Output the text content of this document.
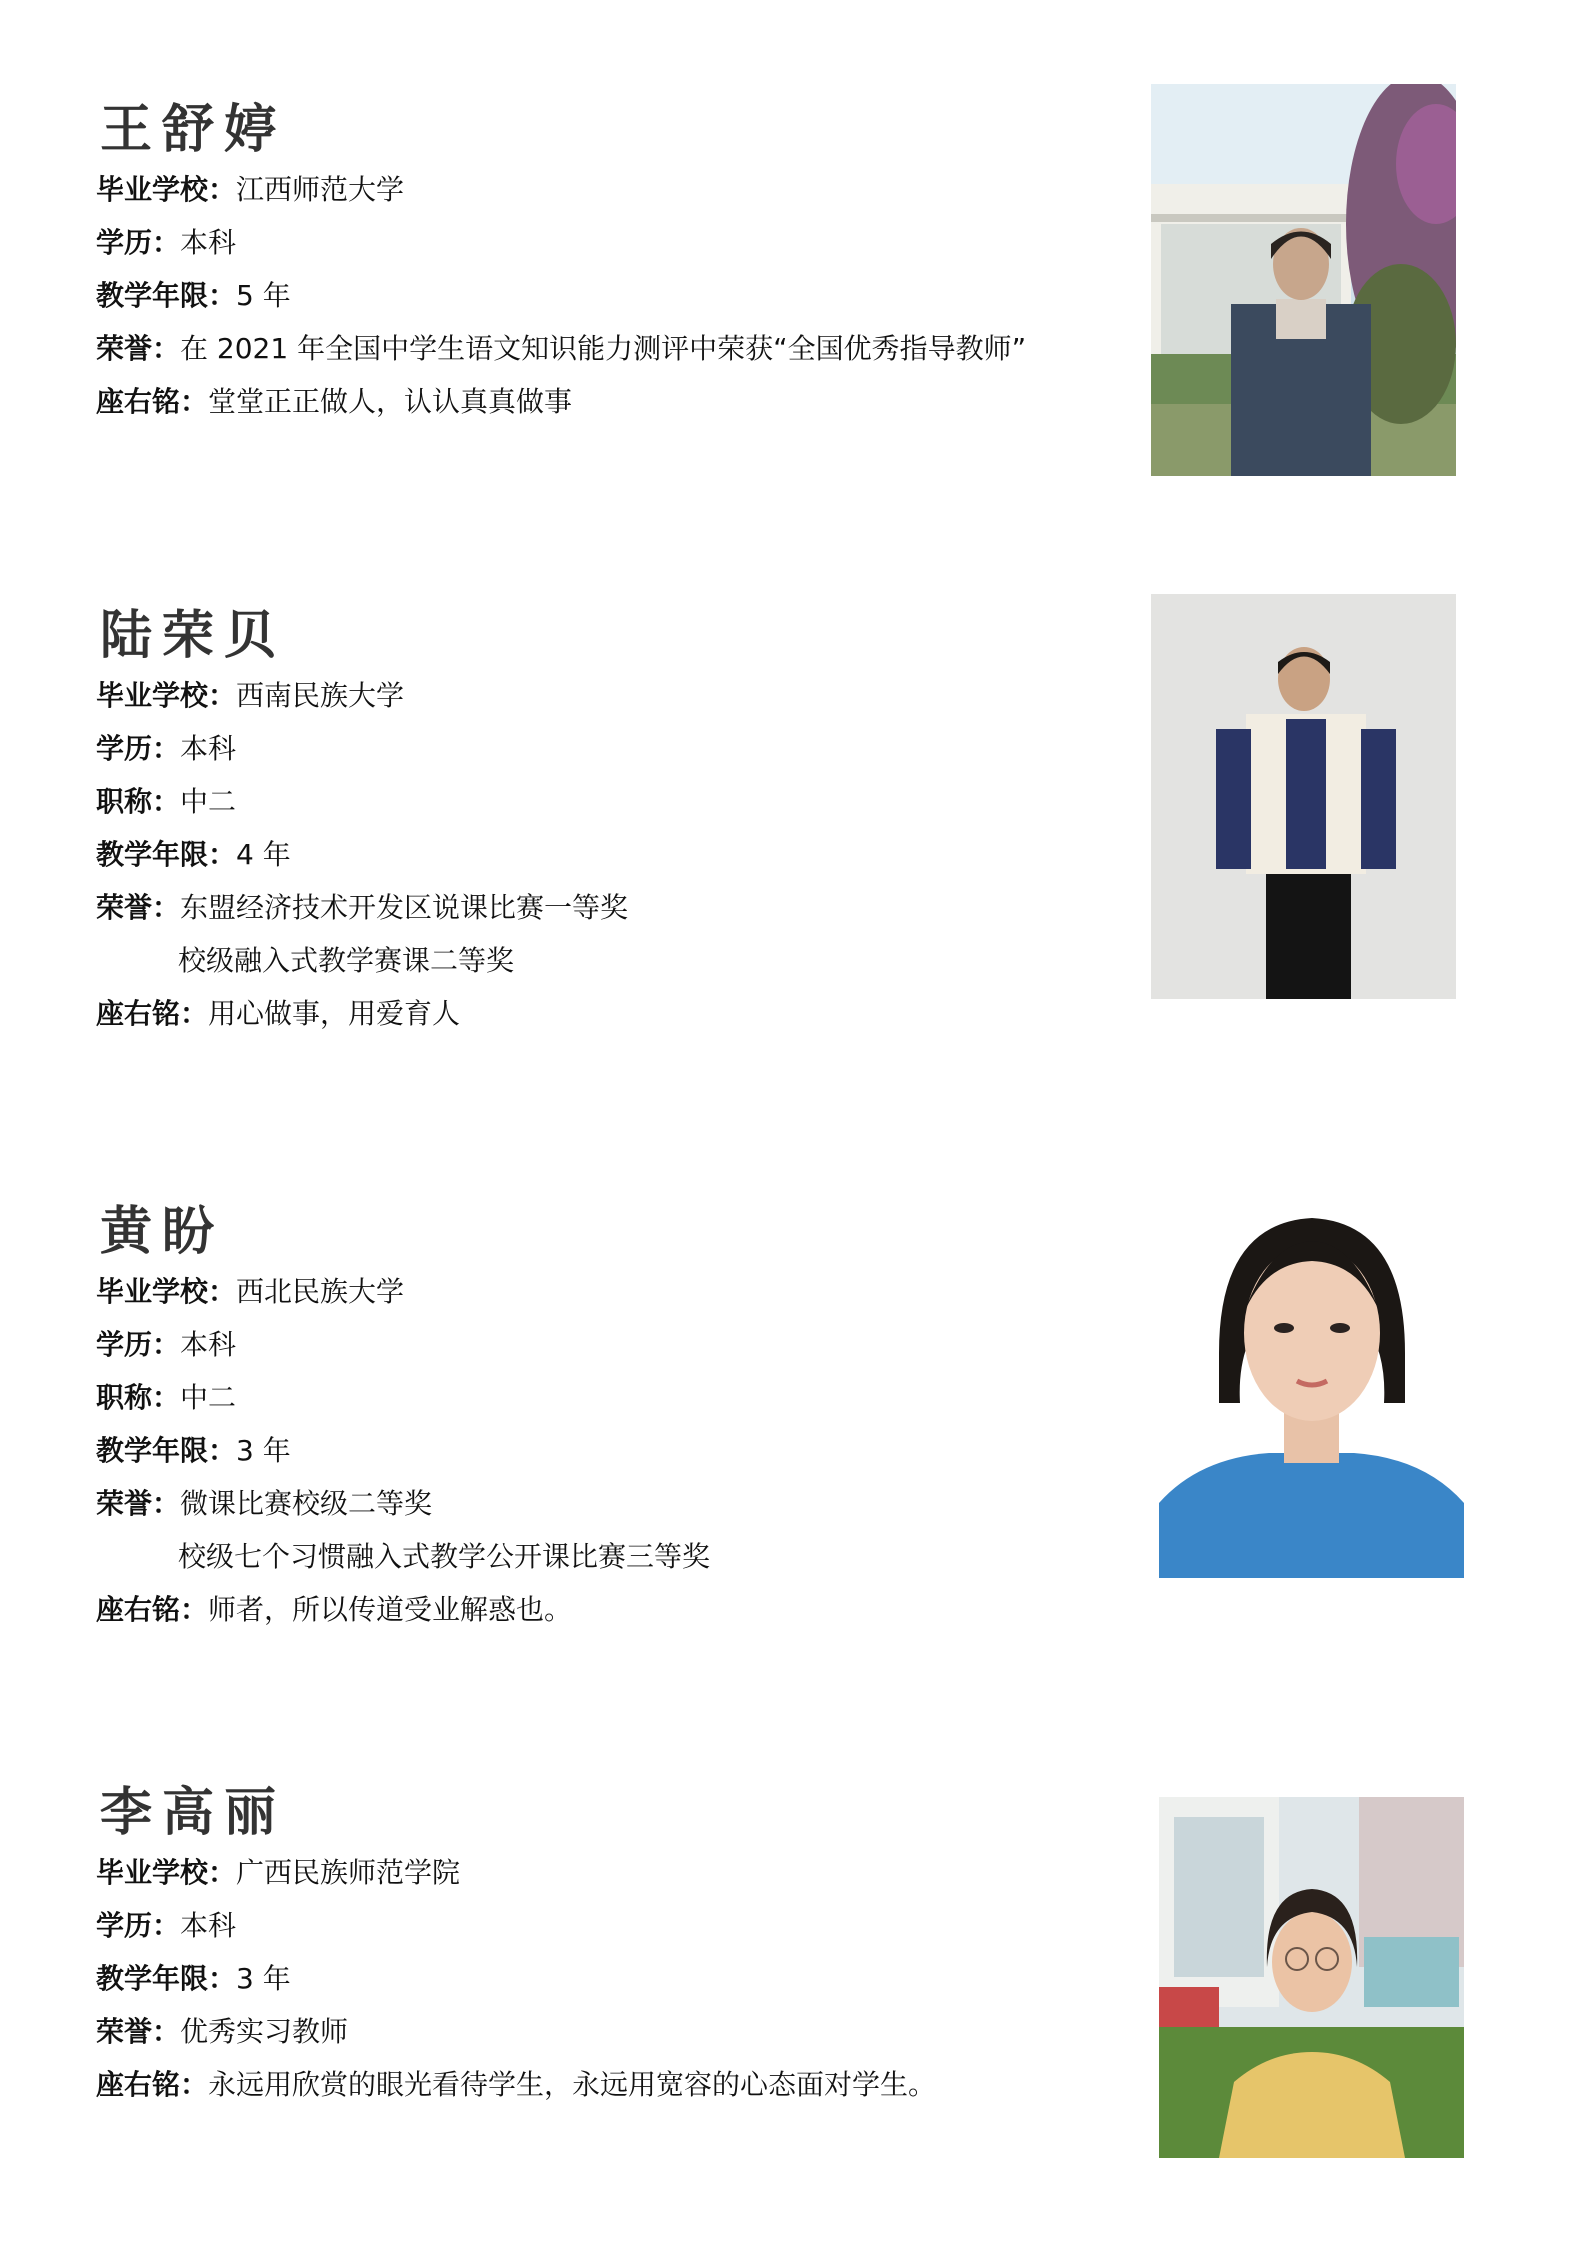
王舒婷
毕业学校：江西师范大学
学历：本科
教学年限：5 年
荣誉：在 2021 年全国中学生语文知识能力测评中荣获“全国优秀指导教师”
座右铭：堂堂正正做人，认认真真做事
陆荣贝
毕业学校：西南民族大学
学历：本科
职称：中二
教学年限：4 年
荣誉：东盟经济技术开发区说课比赛一等奖
校级融入式教学赛课二等奖
座右铭：用心做事，用爱育人
黄盼
毕业学校：西北民族大学
学历：本科
职称：中二
教学年限：3 年
荣誉：微课比赛校级二等奖
校级七个习惯融入式教学公开课比赛三等奖
座右铭：师者，所以传道受业解惑也。
李高丽
毕业学校：广西民族师范学院
学历：本科
教学年限：3 年
荣誉：优秀实习教师
座右铭：永远用欣赏的眼光看待学生，永远用宽容的心态面对学生。
